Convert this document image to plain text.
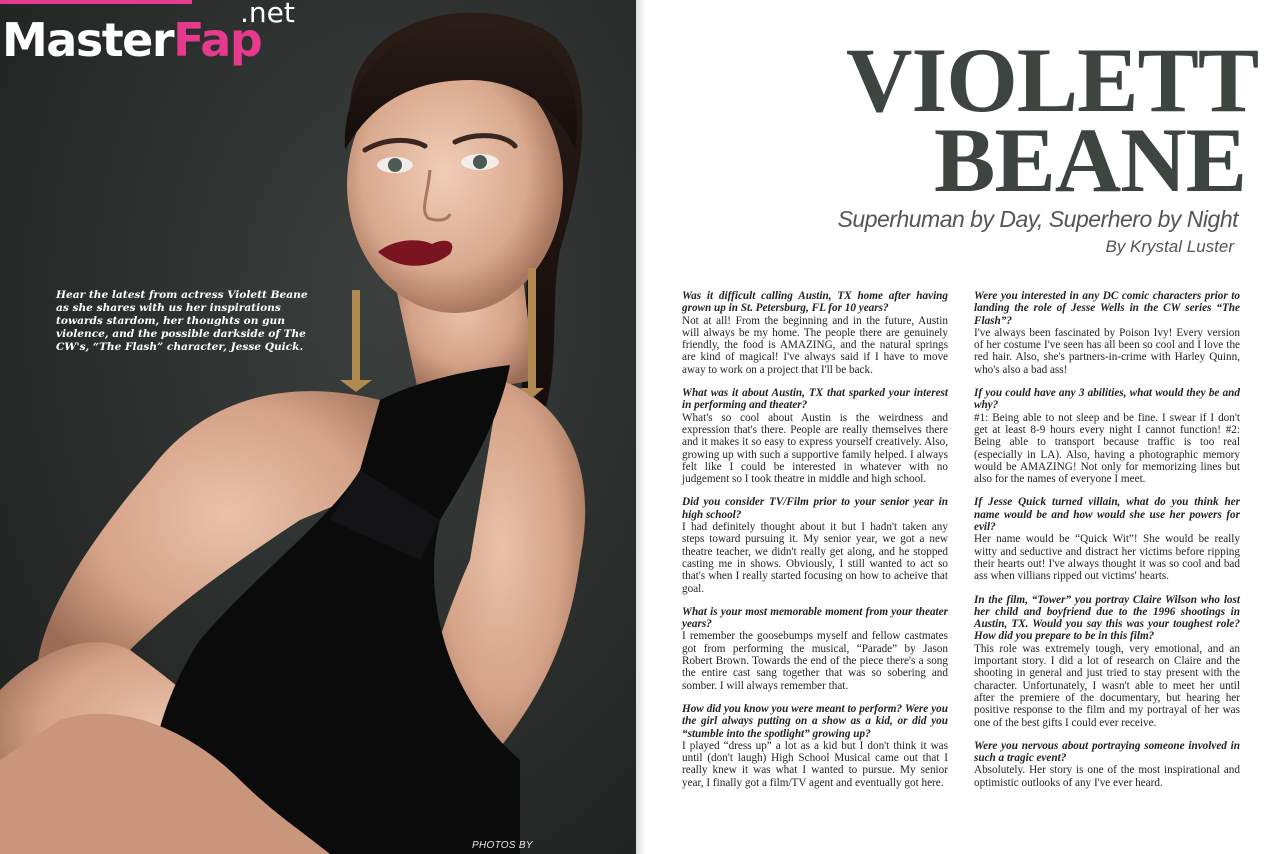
Hear the latest from actress Violett Beane as she shares with us her inspirations towards stardom, her thoughts on gun violence, and the possible darkside of The CW's, “The Flash” character, Jesse Quick.
PHOTOS BY
MasterFap
.net
VIOLETT
BEANE
Superhuman by Day, Superhero by Night
By Krystal Luster
Was it difficult calling Austin, TX home after having grown up in St. Petersburg, FL for 10 years?
Not at all! From the beginning and in the future, Austin will always be my home. The people there are genuinely friendly, the food is AMAZING, and the natural springs are kind of magical! I've always said if I have to move away to work on a project that I'll be back.
What was it about Austin, TX that sparked your interest in performing and theater?
What's so cool about Austin is the weirdness and expression that's there. People are really themselves there and it makes it so easy to express yourself creatively. Also, growing up with such a supportive family helped. I always felt like I could be interested in whatever with no judgement so I took theatre in middle and high school.
Did you consider TV/Film prior to your senior year in high school?
I had definitely thought about it but I hadn't taken any steps toward pursuing it. My senior year, we got a new theatre teacher, we didn't really get along, and he stopped casting me in shows. Obviously, I still wanted to act so that's when I really started focusing on how to acheive that goal.
What is your most memorable moment from your theater years?
I remember the goosebumps myself and fellow castmates got from performing the musical, “Parade” by Jason Robert Brown. Towards the end of the piece there's a song the entire cast sang together that was so sobering and somber. I will always remember that.
How did you know you were meant to perform? Were you the girl always putting on a show as a kid, or did you “stumble into the spotlight” growing up?
I played “dress up” a lot as a kid but I don't think it was until (don't laugh) High School Musical came out that I really knew it was what I wanted to pursue. My senior year, I finally got a film/TV agent and eventually got here.
Were you interested in any DC comic characters prior to landing the role of Jesse Wells in the CW series “The Flash”?
I've always been fascinated by Poison Ivy! Every version of her costume I've seen has all been so cool and I love the red hair. Also, she's partners-in-crime with Harley Quinn, who's also a bad ass!
If you could have any 3 abilities, what would they be and why?
#1: Being able to not sleep and be fine. I swear if I don't get at least 8-9 hours every night I cannot function! #2: Being able to transport because traffic is too real (especially in LA). Also, having a photographic memory would be AMAZING! Not only for memorizing lines but also for the names of everyone I meet.
If Jesse Quick turned villain, what do you think her name would be and how would she use her powers for evil?
Her name would be “Quick Wit”! She would be really witty and seductive and distract her victims before ripping their hearts out! I've always thought it was so cool and bad ass when villians ripped out victims' hearts.
In the film, “Tower” you portray Claire Wilson who lost her child and boyfriend due to the 1996 shootings in Austin, TX. Would you say this was your toughest role? How did you prepare to be in this film?
This role was extremely tough, very emotional, and an important story. I did a lot of research on Claire and the shooting in general and just tried to stay present with the character. Unfortunately, I wasn't able to meet her until after the premiere of the documentary, but hearing her positive response to the film and my portrayal of her was one of the best gifts I could ever receive.
Were you nervous about portraying someone involved in such a tragic event?
Absolutely. Her story is one of the most inspirational and optimistic outlooks of any I've ever heard.
